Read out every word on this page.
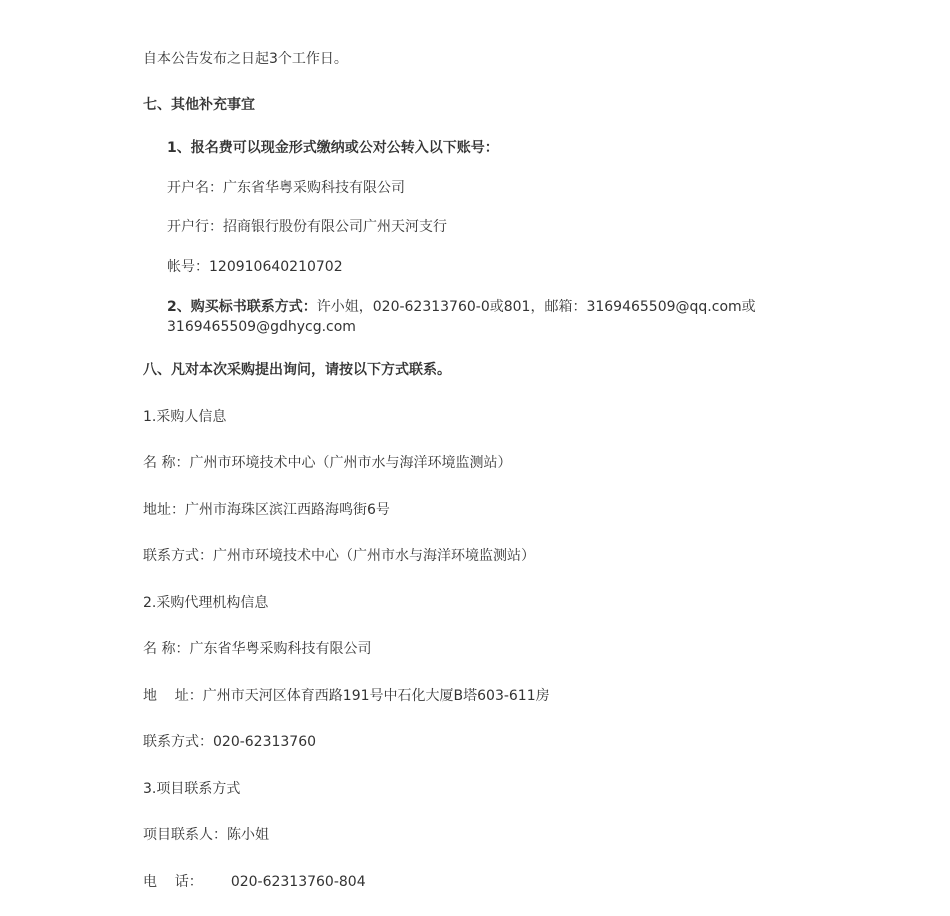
自本公告发布之日起3个工作日。
七、其他补充事宜
1、报名费可以现金形式缴纳或公对公转入以下账号：
开户名：广东省华粤采购科技有限公司
开户行：招商银行股份有限公司广州天河支行
帐号：120910640210702
2、购买标书联系方式：许小姐，020-62313760-0或801，邮箱：3169465509@qq.com或
3169465509@gdhycg.com
八、凡对本次采购提出询问，请按以下方式联系。
1.采购人信息
名 称：广州市环境技术中心（广州市水与海洋环境监测站）
地址：广州市海珠区滨江西路海鸣街6号
联系方式：广州市环境技术中心（广州市水与海洋环境监测站）
2.采购代理机构信息
名 称：广东省华粤采购科技有限公司
地    址：广州市天河区体育西路191号中石化大厦B塔603-611房
联系方式：020-62313760
3.项目联系方式
项目联系人：陈小姐
电    话： 020-62313760-804
